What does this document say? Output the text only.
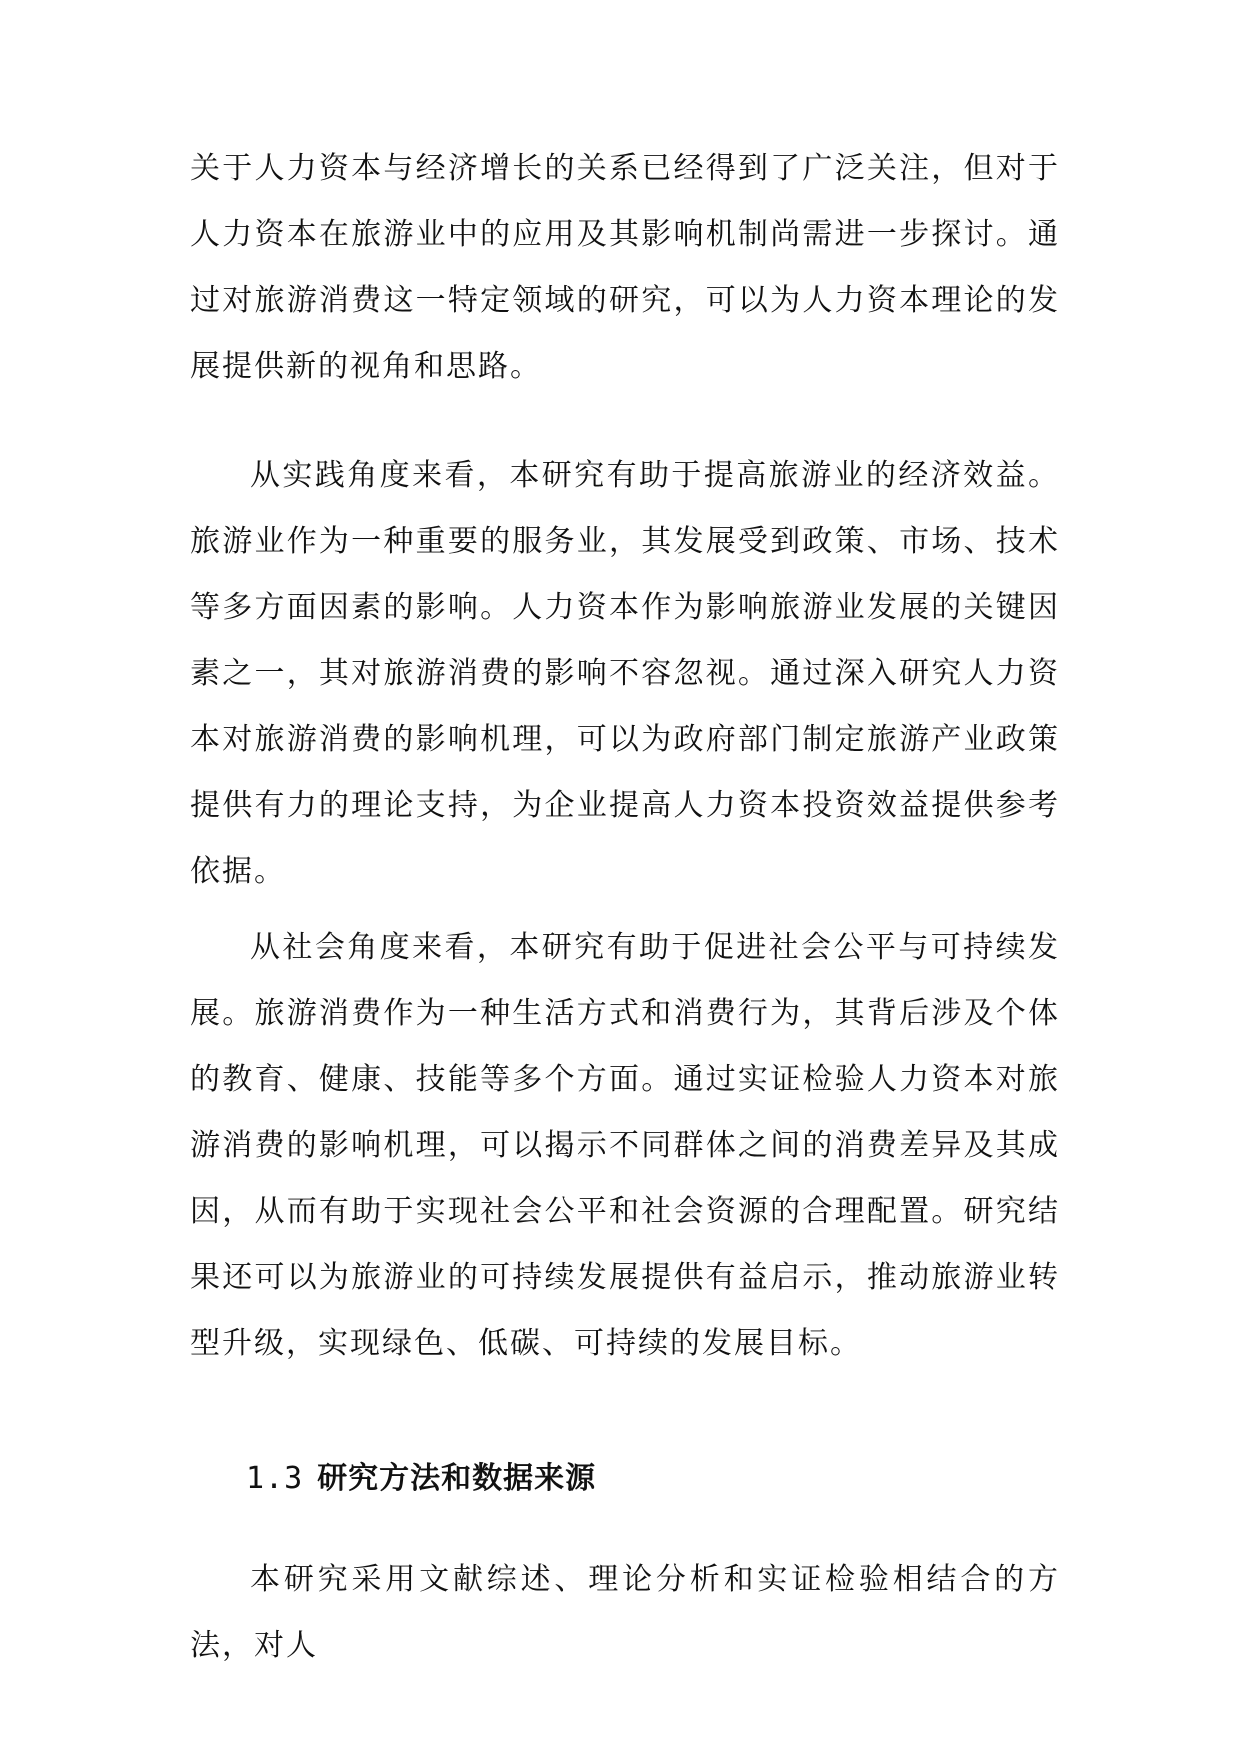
关于人力资本与经济增长的关系已经得到了广泛关注，但对于人力资本在旅游业中的应用及其影响机制尚需进一步探讨。通过对旅游消费这一特定领域的研究，可以为人力资本理论的发展提供新的视角和思路。

从实践角度来看，本研究有助于提高旅游业的经济效益。旅游业作为一种重要的服务业，其发展受到政策、市场、技术等多方面因素的影响。人力资本作为影响旅游业发展的关键因素之一，其对旅游消费的影响不容忽视。通过深入研究人力资本对旅游消费的影响机理，可以为政府部门制定旅游产业政策提供有力的理论支持，为企业提高人力资本投资效益提供参考依据。

从社会角度来看，本研究有助于促进社会公平与可持续发展。旅游消费作为一种生活方式和消费行为，其背后涉及个体的教育、健康、技能等多个方面。通过实证检验人力资本对旅游消费的影响机理，可以揭示不同群体之间的消费差异及其成因，从而有助于实现社会公平和社会资源的合理配置。研究结果还可以为旅游业的可持续发展提供有益启示，推动旅游业转型升级，实现绿色、低碳、可持续的发展目标。

1.3 研究方法和数据来源

本研究采用文献综述、理论分析和实证检验相结合的方法，对人
